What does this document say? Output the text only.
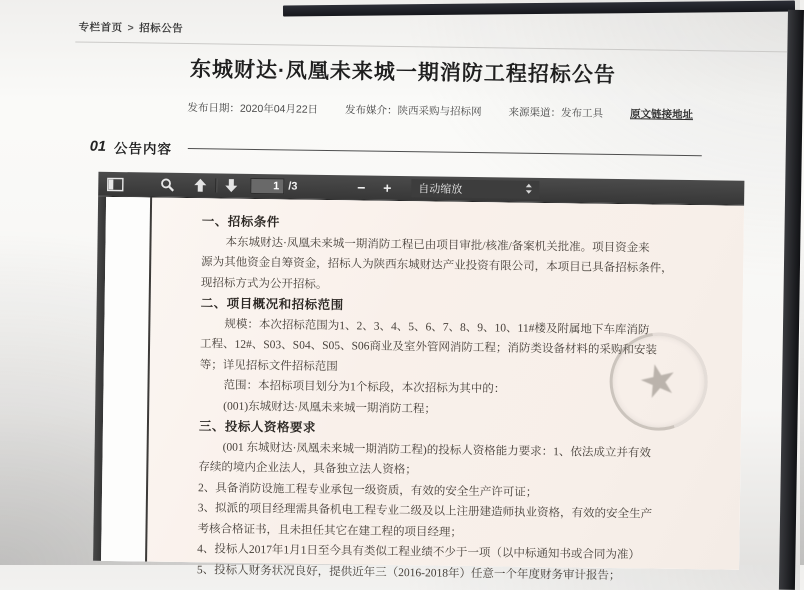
专栏首页 > 招标公告
东城财达·凤凰未来城一期消防工程招标公告
发布日期：2020年04月22日	发布媒介：陕西采购与招标网	来源渠道：发布工具	原文链接地址
01 公告内容
1
/3	−	+	自动缩放
一、招标条件
本东城财达·凤凰未来城一期消防工程已由项目审批/核准/备案机关批准。项目资金来
源为其他资金自筹资金，招标人为陕西东城财达产业投资有限公司，本项目已具备招标条件，
现招标方式为公开招标。
二、项目概况和招标范围
规模：本次招标范围为1、2、3、4、5、6、7、8、9、10、11#楼及附属地下车库消防
工程、12#、S03、S04、S05、S06商业及室外管网消防工程；消防类设备材料的采购和安装
等；详见招标文件招标范围
范围：本招标项目划分为1个标段，本次招标为其中的：
(001)东城财达·凤凰未来城一期消防工程；
三、投标人资格要求
(001 东城财达·凤凰未来城一期消防工程)的投标人资格能力要求：1、依法成立并有效
存续的境内企业法人，具备独立法人资格；
2、具备消防设施工程专业承包一级资质，有效的安全生产许可证；
3、拟派的项目经理需具备机电工程专业二级及以上注册建造师执业资格，有效的安全生产
考核合格证书，且未担任其它在建工程的项目经理；
4、投标人2017年1月1日至今具有类似工程业绩不少于一项（以中标通知书或合同为准）
5、投标人财务状况良好，提供近年三（2016-2018年）任意一个年度财务审计报告；
★
